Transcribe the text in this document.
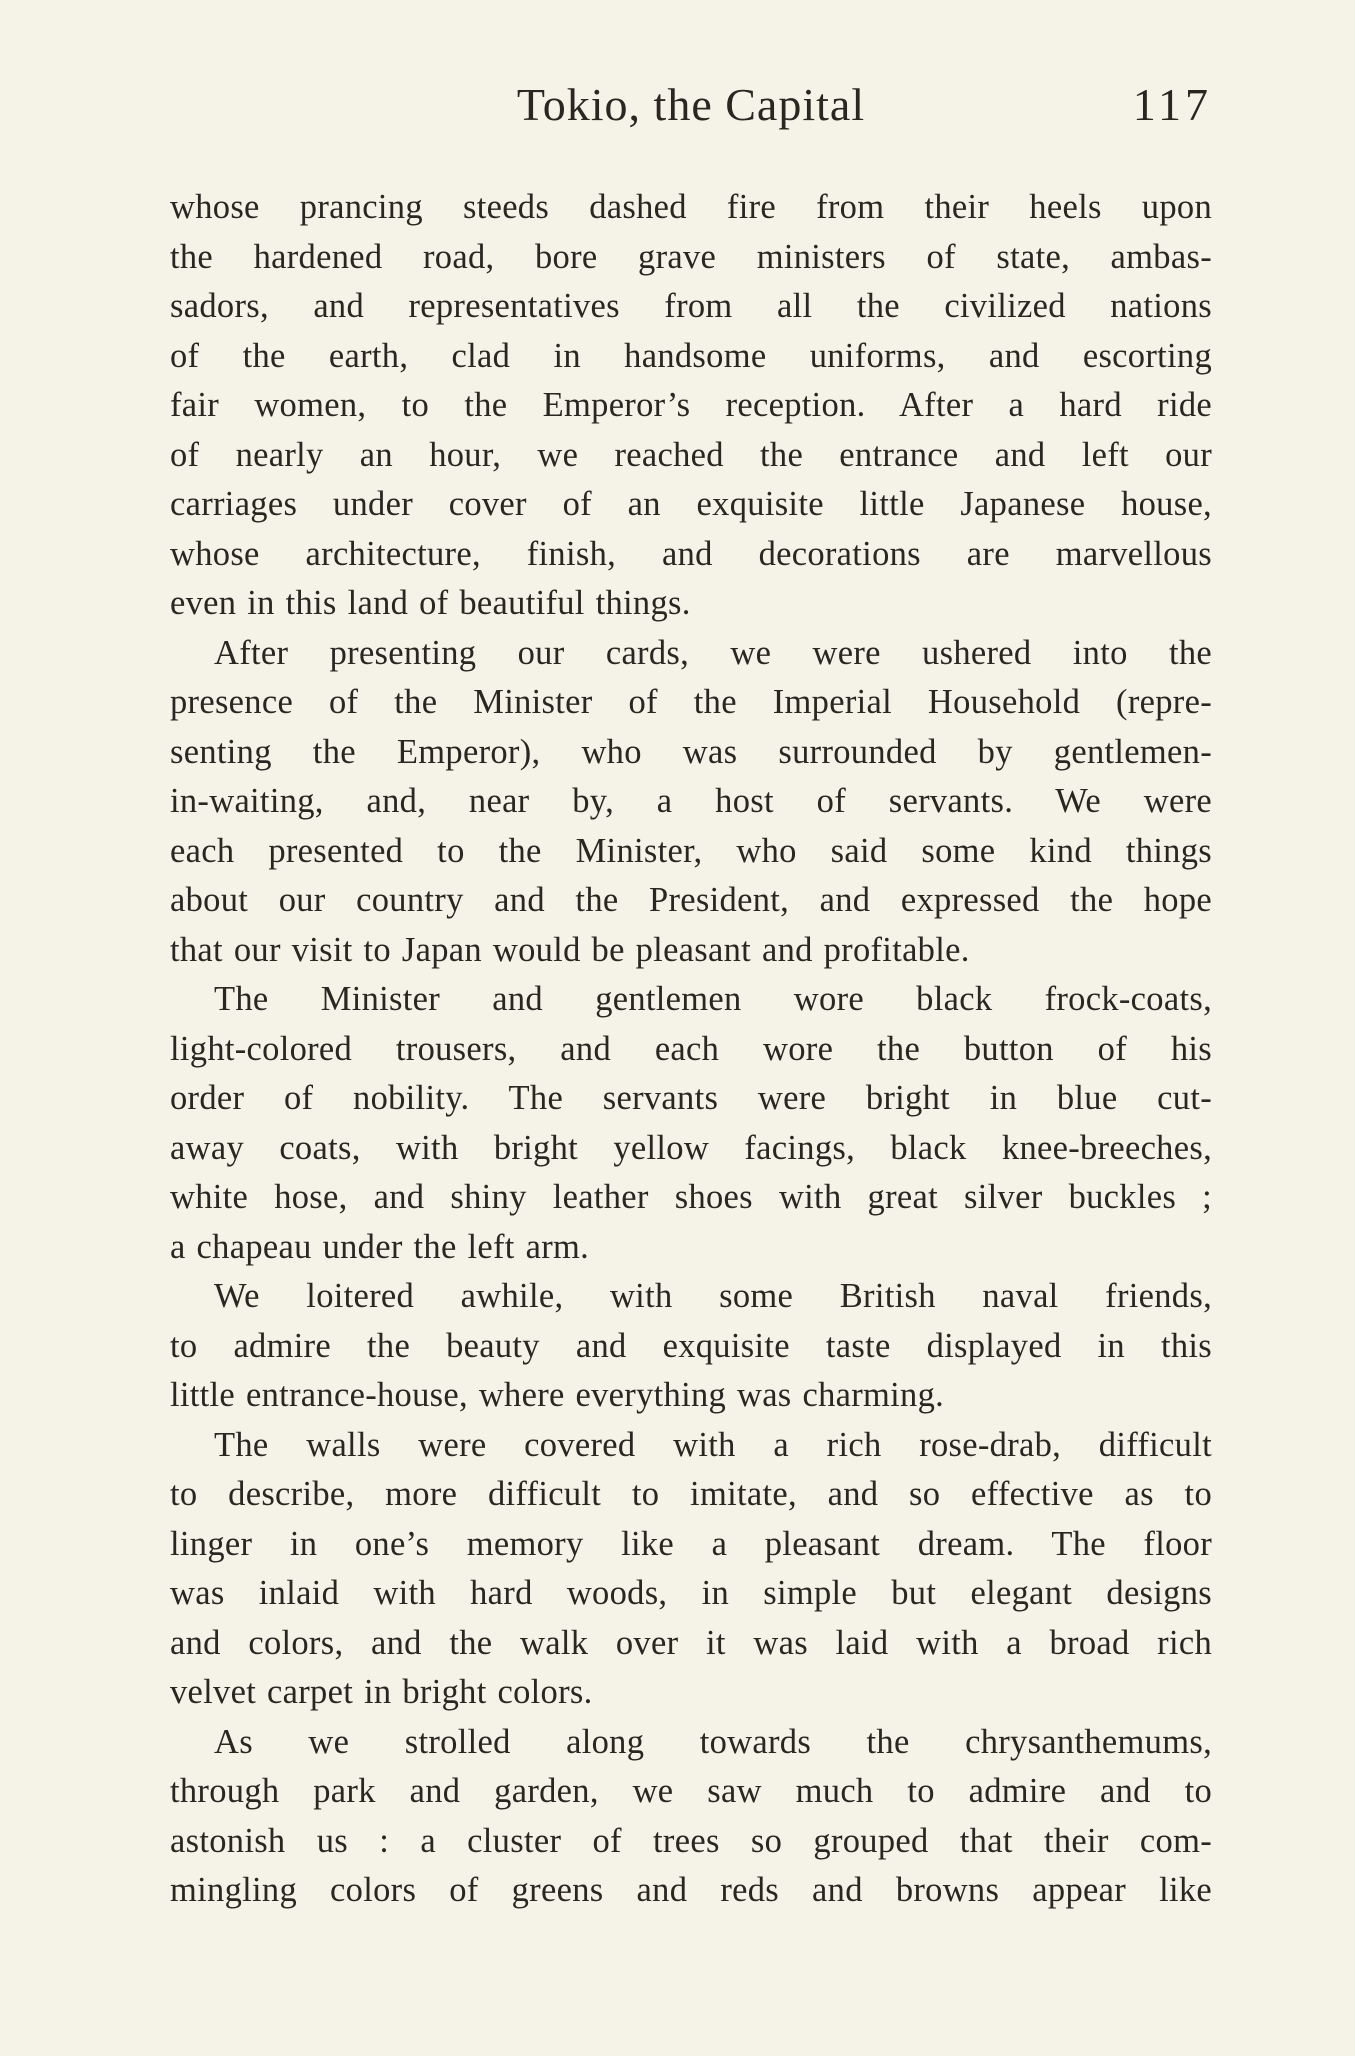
Tokio, the Capital	117
whose prancing steeds dashed fire from their heels upon
the hardened road, bore grave ministers of state, ambas-
sadors, and representatives from all the civilized nations
of the earth, clad in handsome uniforms, and escorting
fair women, to the Emperor’s reception. After a hard ride
of nearly an hour, we reached the entrance and left our
carriages under cover of an exquisite little Japanese house,
whose architecture, finish, and decorations are marvellous
even in this land of beautiful things.
After presenting our cards, we were ushered into the
presence of the Minister of the Imperial Household (repre-
senting the Emperor), who was surrounded by gentlemen-
in-waiting, and, near by, a host of servants. We were
each presented to the Minister, who said some kind things
about our country and the President, and expressed the hope
that our visit to Japan would be pleasant and profitable.
The Minister and gentlemen wore black frock-coats,
light-colored trousers, and each wore the button of his
order of nobility. The servants were bright in blue cut-
away coats, with bright yellow facings, black knee-breeches,
white hose, and shiny leather shoes with great silver buckles ;
a chapeau under the left arm.
We loitered awhile, with some British naval friends,
to admire the beauty and exquisite taste displayed in this
little entrance-house, where everything was charming.
The walls were covered with a rich rose-drab, difficult
to describe, more difficult to imitate, and so effective as to
linger in one’s memory like a pleasant dream. The floor
was inlaid with hard woods, in simple but elegant designs
and colors, and the walk over it was laid with a broad rich
velvet carpet in bright colors.
As we strolled along towards the chrysanthemums,
through park and garden, we saw much to admire and to
astonish us : a cluster of trees so grouped that their com-
mingling colors of greens and reds and browns appear like
